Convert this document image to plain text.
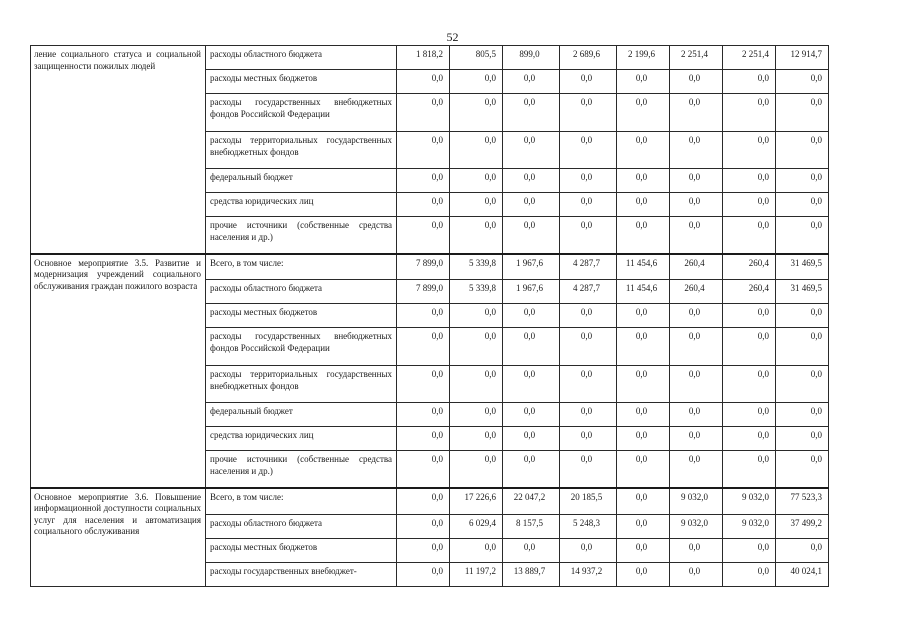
52
ление социального статуса и социальной защищенности пожилых людей	расходы областного бюджета	1 818,2	805,5	899,0	2 689,6	2 199,6	2 251,4	2 251,4	12 914,7
	расходы местных бюджетов	0,0	0,0	0,0	0,0	0,0	0,0	0,0	0,0
	расходы государственных внебюджетных фондов Российской Федерации	0,0	0,0	0,0	0,0	0,0	0,0	0,0	0,0
	расходы территориальных государственных внебюджетных фондов	0,0	0,0	0,0	0,0	0,0	0,0	0,0	0,0
	федеральный бюджет	0,0	0,0	0,0	0,0	0,0	0,0	0,0	0,0
	средства юридических лиц	0,0	0,0	0,0	0,0	0,0	0,0	0,0	0,0
	прочие источники (собственные средства населения и др.)	0,0	0,0	0,0	0,0	0,0	0,0	0,0	0,0
Основное мероприятие 3.5. Развитие и модернизация учреждений социального обслуживания граждан пожилого возраста	Всего, в том числе:	7 899,0	5 339,8	1 967,6	4 287,7	11 454,6	260,4	260,4	31 469,5
	расходы областного бюджета	7 899,0	5 339,8	1 967,6	4 287,7	11 454,6	260,4	260,4	31 469,5
	расходы местных бюджетов	0,0	0,0	0,0	0,0	0,0	0,0	0,0	0,0
	расходы государственных внебюджетных фондов Российской Федерации	0,0	0,0	0,0	0,0	0,0	0,0	0,0	0,0
	расходы территориальных государственных внебюджетных фондов	0,0	0,0	0,0	0,0	0,0	0,0	0,0	0,0
	федеральный бюджет	0,0	0,0	0,0	0,0	0,0	0,0	0,0	0,0
	средства юридических лиц	0,0	0,0	0,0	0,0	0,0	0,0	0,0	0,0
	прочие источники (собственные средства населения и др.)	0,0	0,0	0,0	0,0	0,0	0,0	0,0	0,0
Основное мероприятие 3.6. Повышение информационной доступности социальных услуг для населения и автоматизация социального обслуживания	Всего, в том числе:	0,0	17 226,6	22 047,2	20 185,5	0,0	9 032,0	9 032,0	77 523,3
	расходы областного бюджета	0,0	6 029,4	8 157,5	5 248,3	0,0	9 032,0	9 032,0	37 499,2
	расходы местных бюджетов	0,0	0,0	0,0	0,0	0,0	0,0	0,0	0,0
	расходы государственных внебюджет-	0,0	11 197,2	13 889,7	14 937,2	0,0	0,0	0,0	40 024,1
